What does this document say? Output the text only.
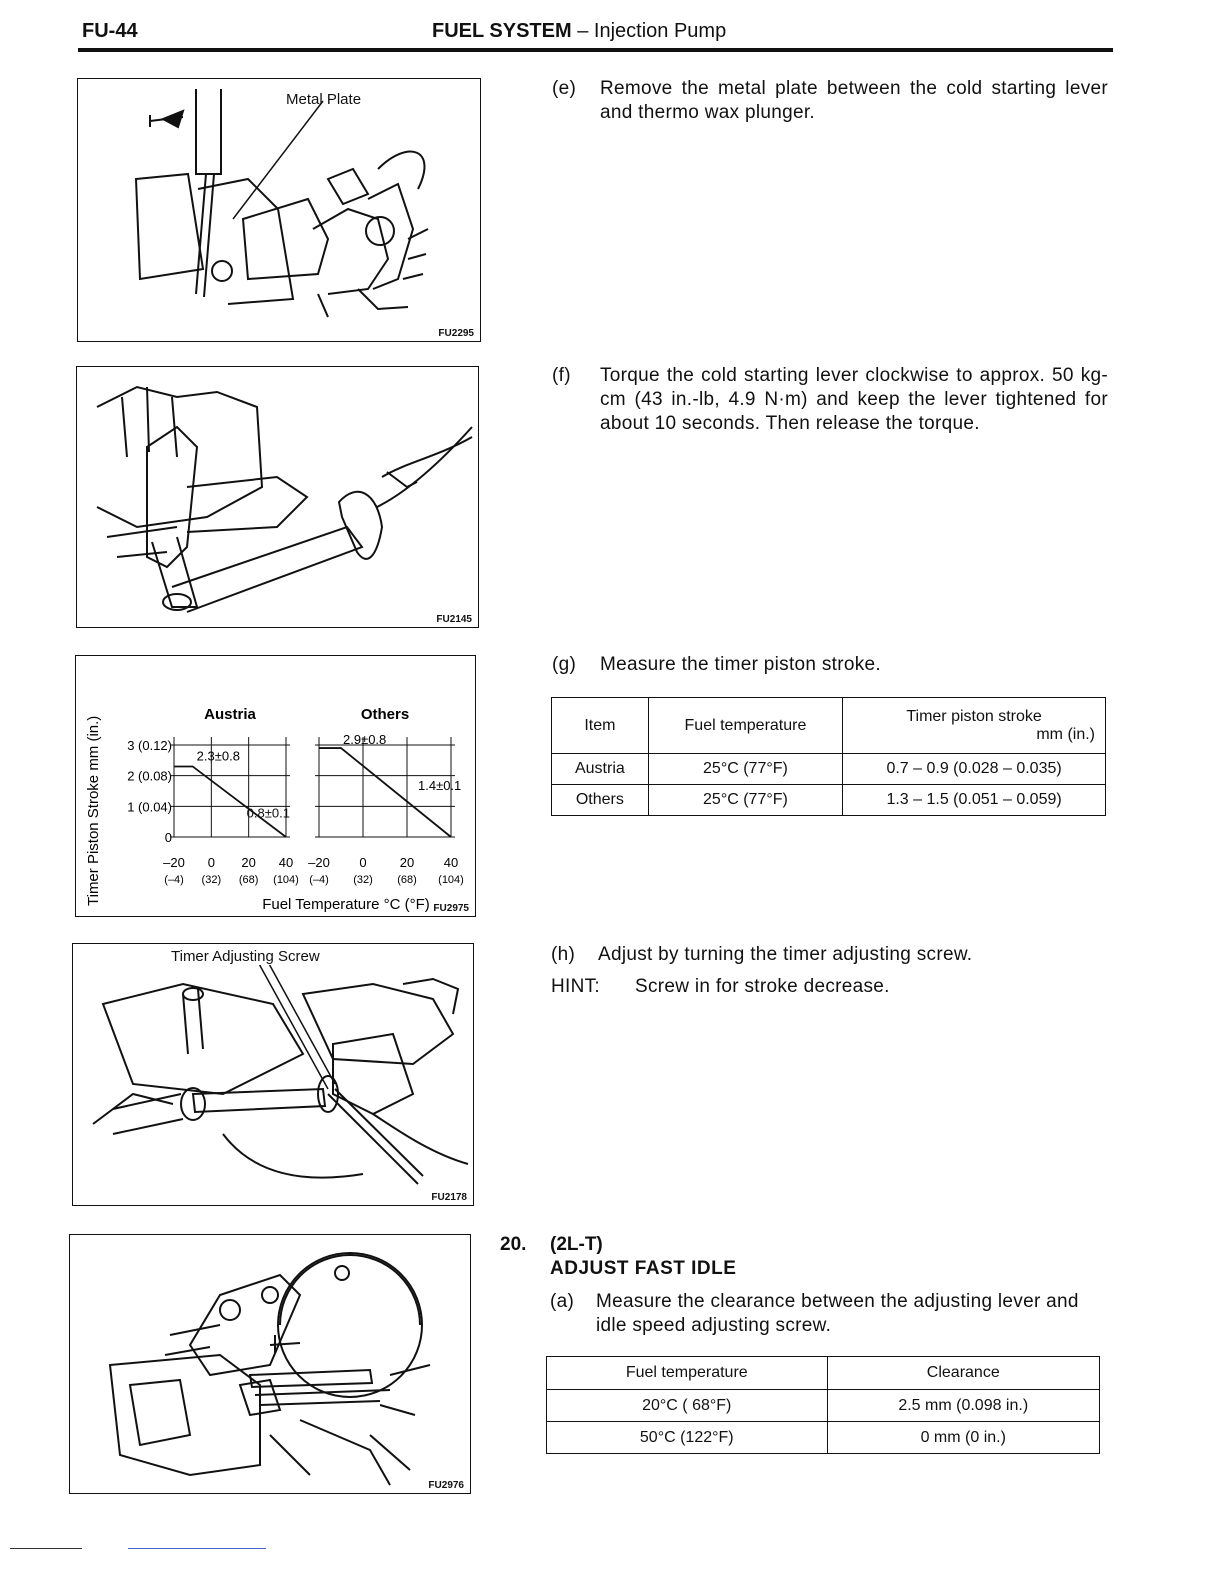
FU-44	FUEL SYSTEM – Injection Pump
Metal Plate
FU2295
(e) Remove the metal plate between the cold starting lever and thermo wax plunger.
FU2145
(f) Torque the cold starting lever clockwise to approx. 50 kg-cm (43 in.-lb, 4.9 N·m) and keep the lever tightened for about 10 seconds. Then release the torque.
Timer Piston Stroke mm (in.) 3 (0.12)
2 (0.08)
1 (0.04)
0
Austria
–20
(–4)
0
(32)
20
(68)
40
(104)
2.3±0.8
0.8±0.1
Others
–20
(–4)
0
(32)
20
(68)
40
(104)
2.9±0.8
1.4±0.1
Fuel Temperature °C (°F) FU2975
(g) Measure the timer piston stroke.
Item	Fuel temperature	Timer piston stroke
mm (in.)

Austria	25°C (77°F)	0.7 – 0.9 (0.028 – 0.035)
Others	25°C (77°F)	1.3 – 1.5 (0.051 – 0.059)
Timer Adjusting Screw
FU2178
(h) Adjust by turning the timer adjusting screw.
HINT: Screw in for stroke decrease.
FU2976
20. (2L-T)
ADJUST FAST IDLE
(a) Measure the clearance between the adjusting lever and idle speed adjusting screw.
Fuel temperature	Clearance
20°C ( 68°F)	2.5 mm (0.098 in.)
50°C (122°F)	0 mm (0 in.)
